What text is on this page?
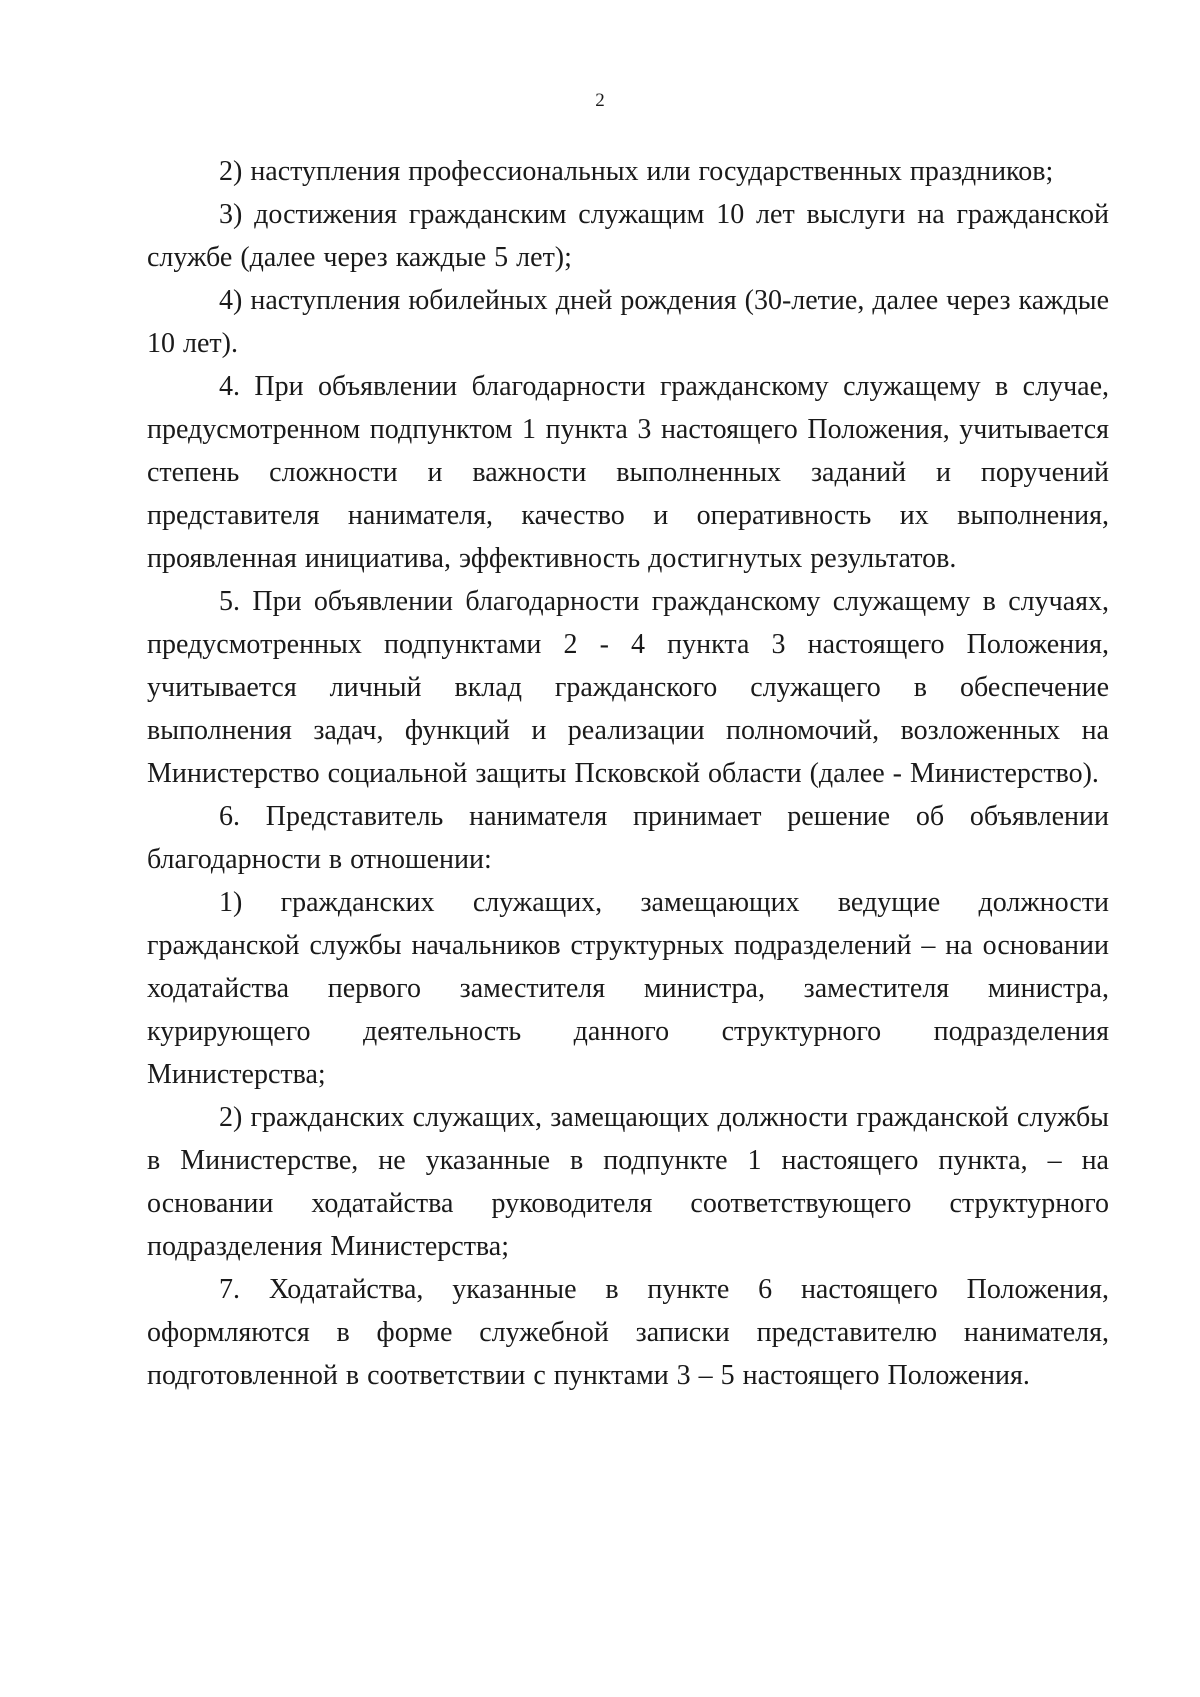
2

2) наступления профессиональных или государственных праздников;

3) достижения гражданским служащим 10 лет выслуги на гражданской службе (далее через каждые 5 лет);

4) наступления юбилейных дней рождения (30-летие, далее через каждые 10 лет).

4. При объявлении благодарности гражданскому служащему в случае, предусмотренном подпунктом 1 пункта 3 настоящего Положения, учитывается степень сложности и важности выполненных заданий и поручений представителя нанимателя, качество и оперативность их выполнения, проявленная инициатива, эффективность достигнутых результатов.

5. При объявлении благодарности гражданскому служащему в случаях, предусмотренных подпунктами 2 - 4 пункта 3 настоящего Положения, учитывается личный вклад гражданского служащего в обеспечение выполнения задач, функций и реализации полномочий, возложенных на Министерство социальной защиты Псковской области (далее - Министерство).

6. Представитель нанимателя принимает решение об объявлении благодарности в отношении:

1) гражданских служащих, замещающих ведущие должности гражданской службы начальников структурных подразделений – на основании ходатайства первого заместителя министра, заместителя министра, курирующего деятельность данного структурного подразделения Министерства;

2) гражданских служащих, замещающих должности гражданской службы в Министерстве, не указанные в подпункте 1 настоящего пункта, – на основании ходатайства руководителя соответствующего структурного подразделения Министерства;

7. Ходатайства, указанные в пункте 6 настоящего Положения, оформляются в форме служебной записки представителю нанимателя, подготовленной в соответствии с пунктами 3 – 5 настоящего Положения.
